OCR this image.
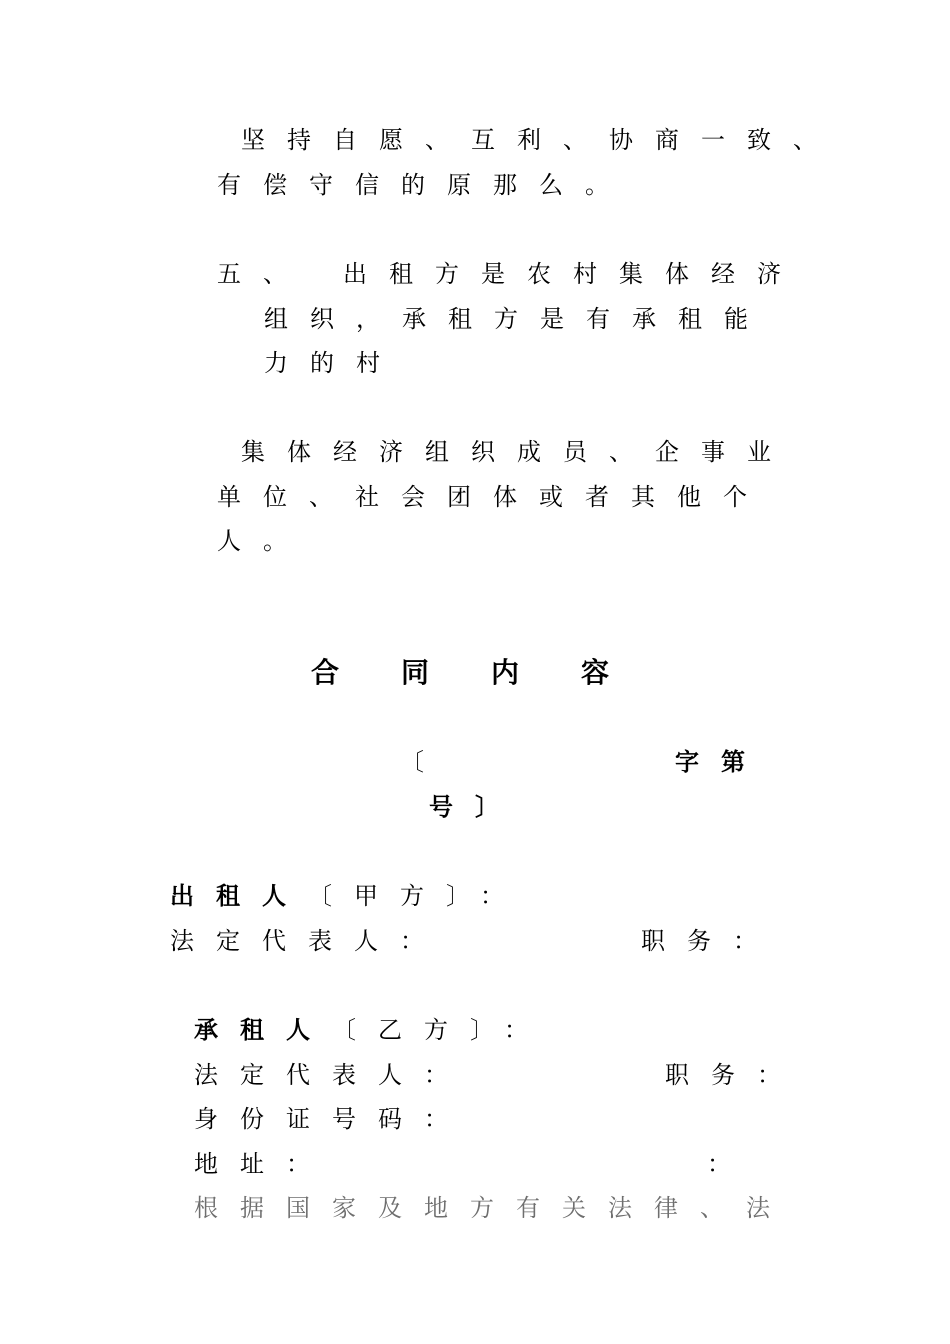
坚持自愿、互利、协商一致、
有偿守信的原那么。
五、　出租方是农村集体经济
组织，承租方是有承租能
力的村
集体经济组织成员、企事业
单位、社会团体或者其他个
人。
合同内容
〔	字第
号〕
出租人〔甲方〕：
法定代表人：	职务：
承租人〔乙方〕：
法定代表人：	职务：
身份证号码：
地址：	：
根据国家及地方有关法律、法
